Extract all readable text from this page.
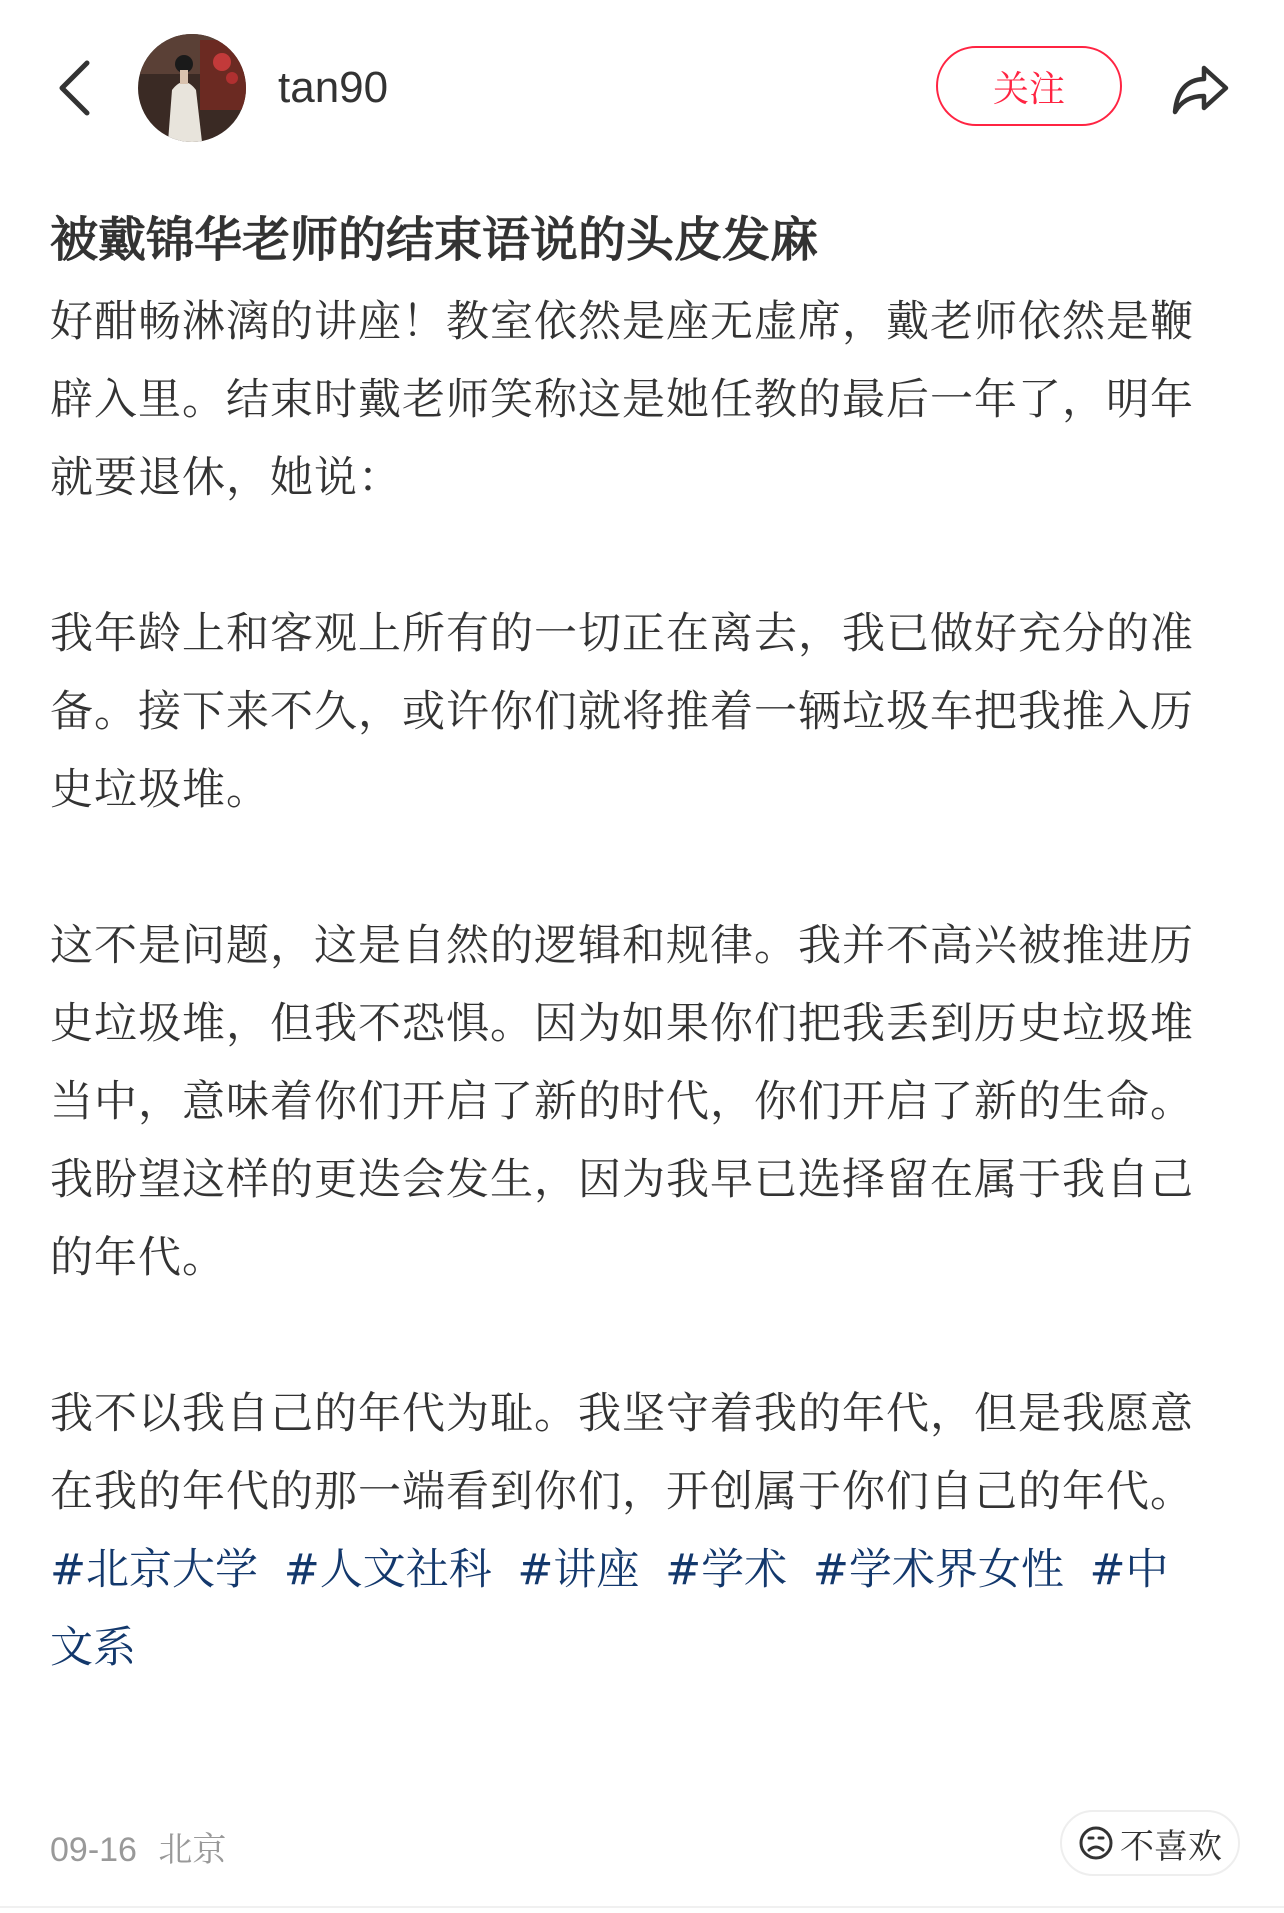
tan90	关注
被戴锦华老师的结束语说的头皮发麻

好酣畅淋漓的讲座！教室依然是座无虚席，戴老师依然是鞭辟入里。结束时戴老师笑称这是她任教的最后一年了，明年就要退休，她说：

我年龄上和客观上所有的一切正在离去，我已做好充分的准备。接下来不久，或许你们就将推着一辆垃圾车把我推入历史垃圾堆。

这不是问题，这是自然的逻辑和规律。我并不高兴被推进历史垃圾堆，但我不恐惧。因为如果你们把我丢到历史垃圾堆当中，意味着你们开启了新的时代，你们开启了新的生命。我盼望这样的更迭会发生，因为我早已选择留在属于我自己的年代。

我不以我自己的年代为耻。我坚守着我的年代，但是我愿意在我的年代的那一端看到你们，开创属于你们自己的年代。

#北京大学 #人文社科 #讲座 #学术 #学术界女性 #中文系

09-16 北京	不喜欢
